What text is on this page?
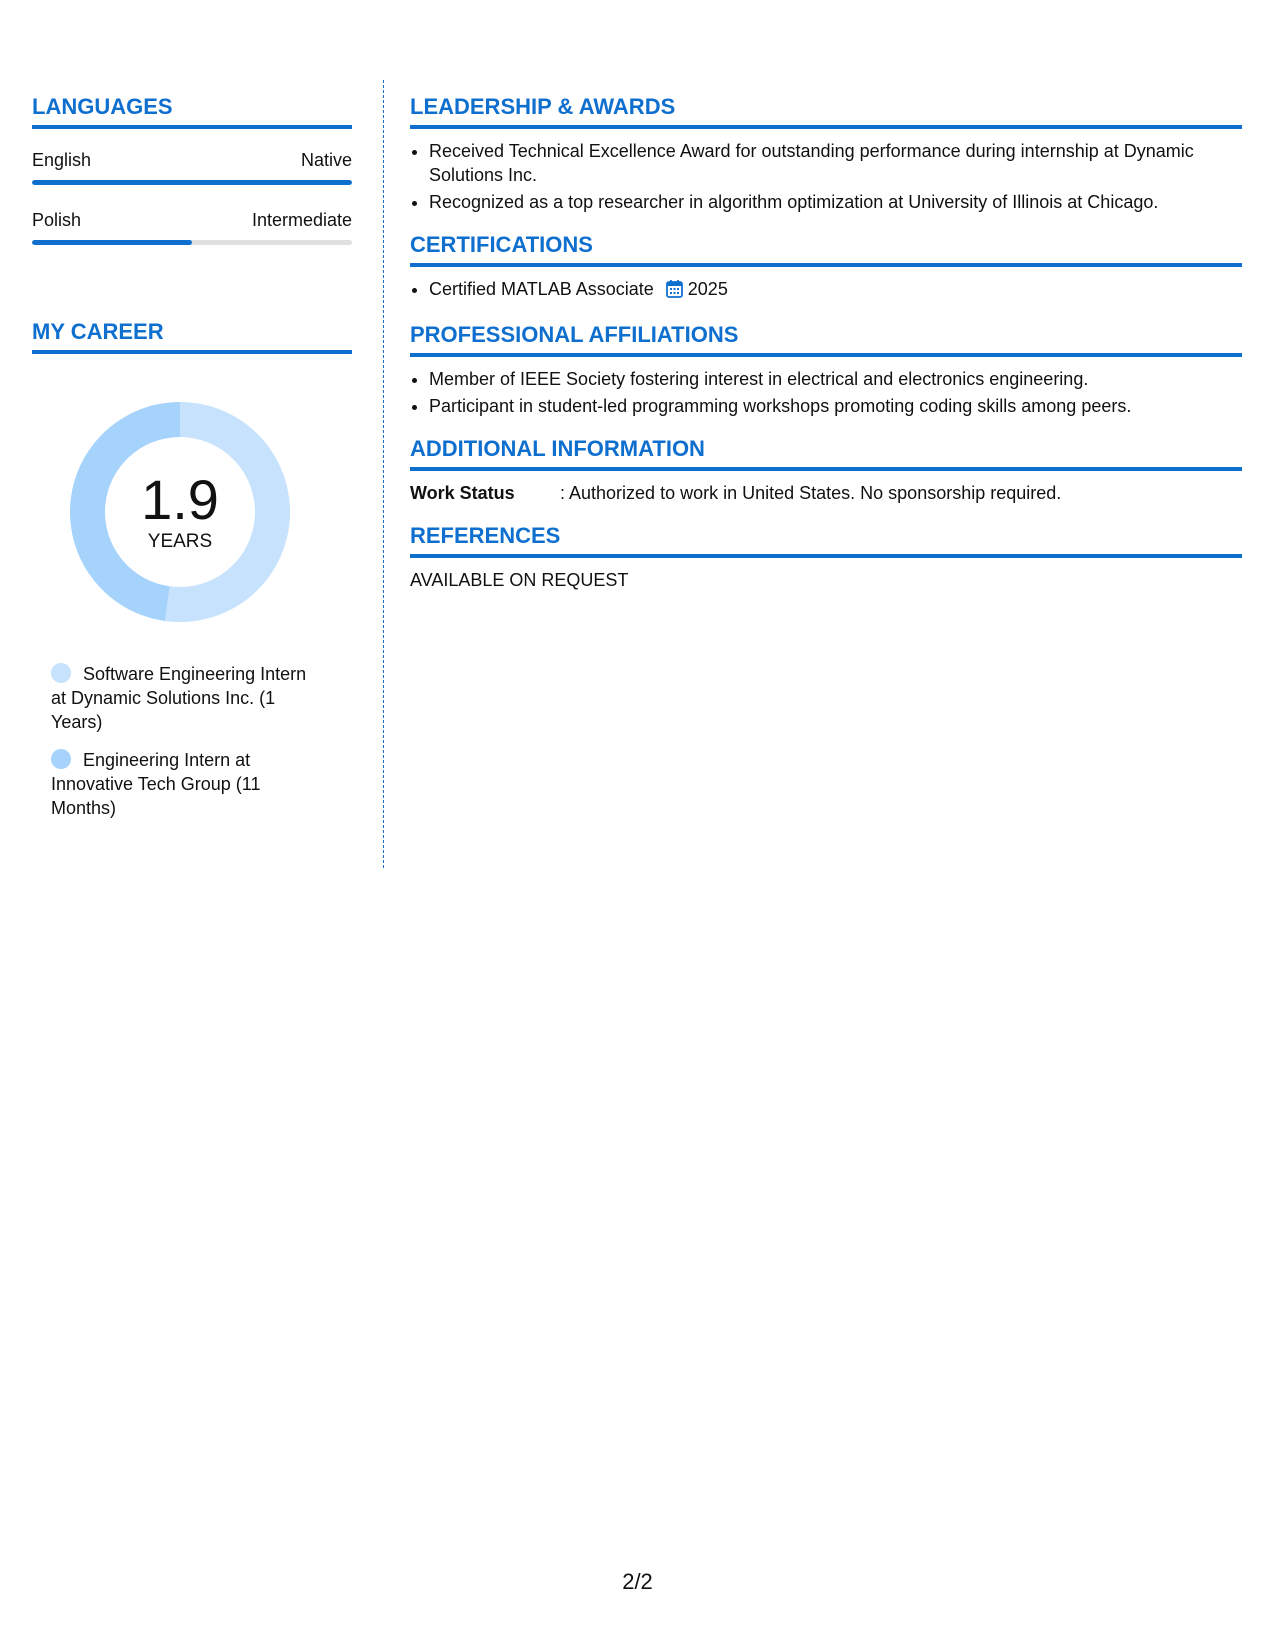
LANGUAGES
English	Native
Polish	Intermediate
MY CAREER
1.9
YEARS
Software Engineering Intern at Dynamic Solutions Inc. (1 Years)
Engineering Intern at Innovative Tech Group (11 Months)
LEADERSHIP & AWARDS
• Received Technical Excellence Award for outstanding performance during internship at Dynamic Solutions Inc.
• Recognized as a top researcher in algorithm optimization at University of Illinois at Chicago.
CERTIFICATIONS
• Certified MATLAB Associate 2025
PROFESSIONAL AFFILIATIONS
• Member of IEEE Society fostering interest in electrical and electronics engineering.
• Participant in student-led programming workshops promoting coding skills among peers.
ADDITIONAL INFORMATION
Work Status	: Authorized to work in United States. No sponsorship required.
REFERENCES
AVAILABLE ON REQUEST
2/2
